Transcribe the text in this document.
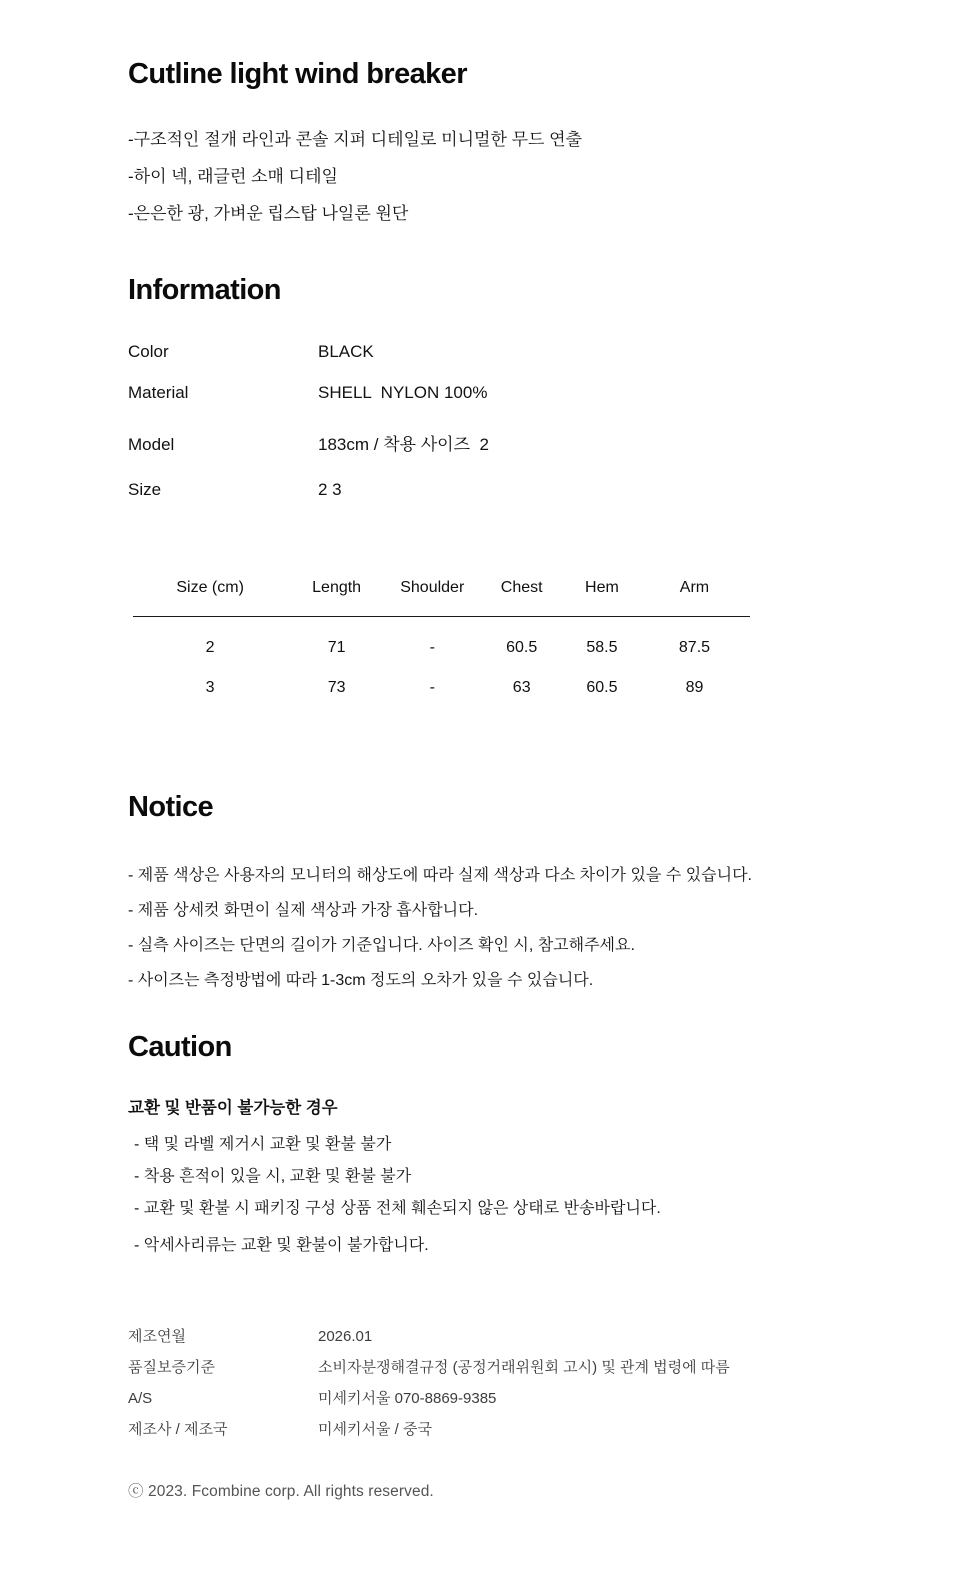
Cutline light wind breaker
-구조적인 절개 라인과 콘솔 지퍼 디테일로 미니멀한 무드 연출
-하이 넥, 래글런 소매 디테일
-은은한 광, 가벼운 립스탑 나일론 원단
Information
Color	BLACK
Material	SHELL  NYLON 100%
Model	183cm / 착용 사이즈  2
Size	2 3
Size (cm)	Length	Shoulder	Chest	Hem	Arm
2	71	-	60.5	58.5	87.5
3	73	-	63	60.5	89
Notice
- 제품 색상은 사용자의 모니터의 해상도에 따라 실제 색상과 다소 차이가 있을 수 있습니다.
- 제품 상세컷 화면이 실제 색상과 가장 흡사합니다.
- 실측 사이즈는 단면의 길이가 기준입니다. 사이즈 확인 시, 참고해주세요.
- 사이즈는 측정방법에 따라 1-3cm 정도의 오차가 있을 수 있습니다.
Caution
교환 및 반품이 불가능한 경우
- 택 및 라벨 제거시 교환 및 환불 불가
- 착용 흔적이 있을 시, 교환 및 환불 불가
- 교환 및 환불 시 패키징 구성 상품 전체 훼손되지 않은 상태로 반송바랍니다.
- 악세사리류는 교환 및 환불이 불가합니다.
제조연월	2026.01
품질보증기준	소비자분쟁해결규정 (공정거래위원회 고시) 및 관계 법령에 따름
A/S	미세키서울 070-8869-9385
제조사 / 제조국	미세키서울 / 중국
ⓒ 2023. Fcombine corp. All rights reserved.
